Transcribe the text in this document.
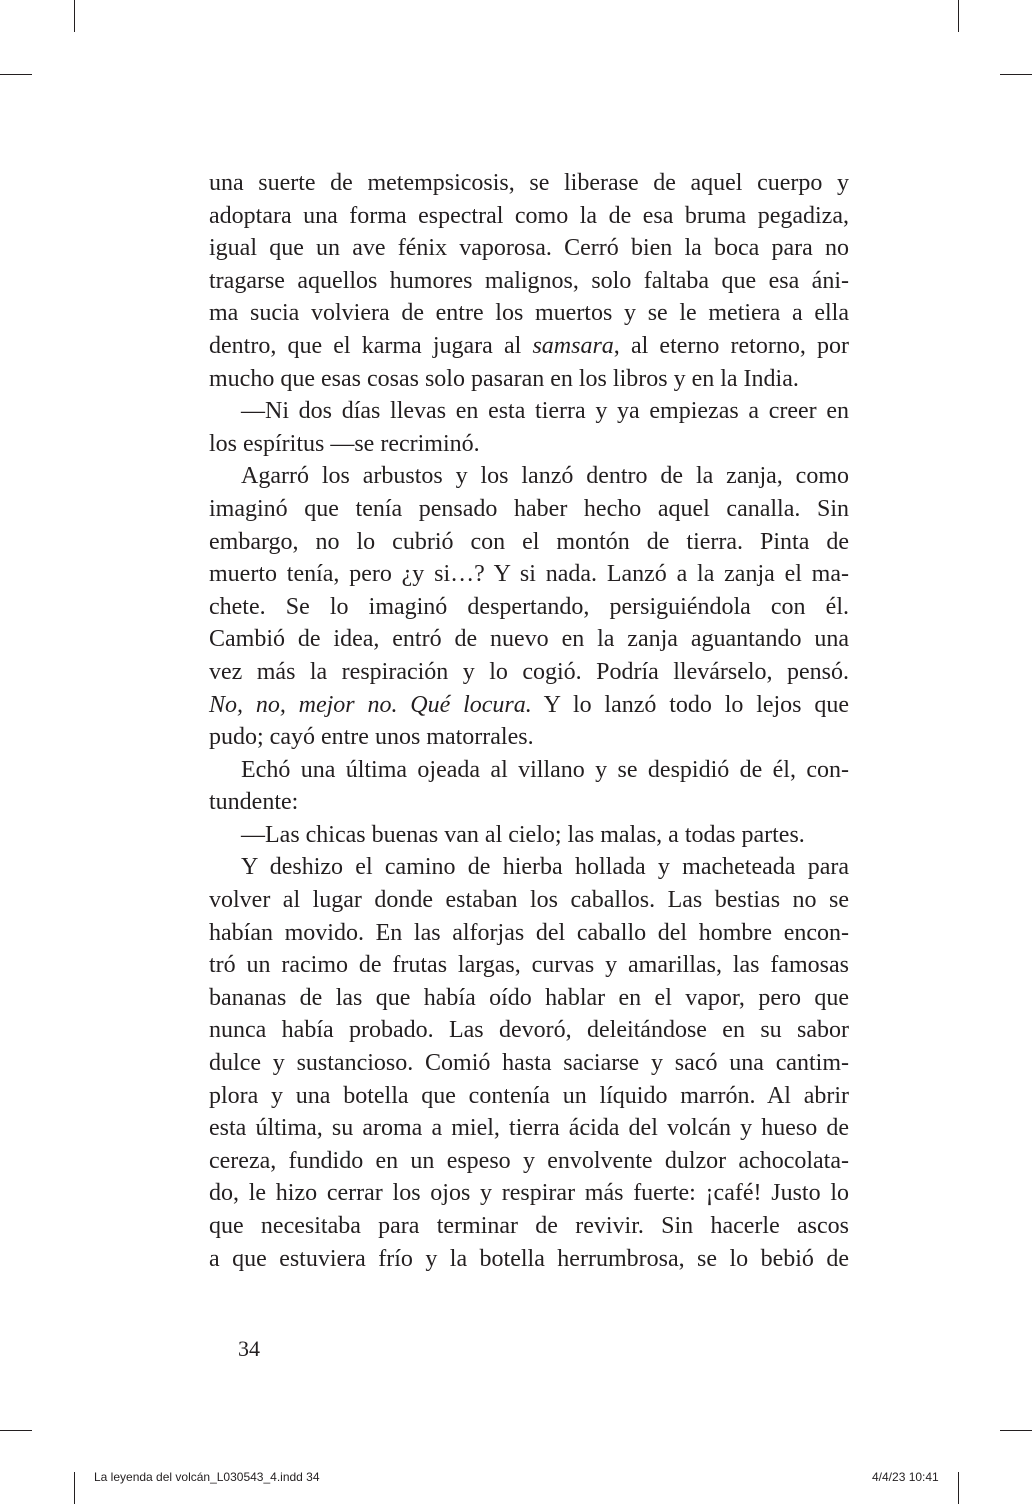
una suerte de metempsicosis, se liberase de aquel cuerpo y
adoptara una forma espectral como la de esa bruma pegadiza,
igual que un ave fénix vaporosa. Cerró bien la boca para no
tragarse aquellos humores malignos, solo faltaba que esa áni-
ma sucia volviera de entre los muertos y se le metiera a ella
dentro, que el karma jugara al samsara, al eterno retorno, por
mucho que esas cosas solo pasaran en los libros y en la India.
—Ni dos días llevas en esta tierra y ya empiezas a creer en
los espíritus —se recriminó.
Agarró los arbustos y los lanzó dentro de la zanja, como
imaginó que tenía pensado haber hecho aquel canalla. Sin
embargo, no lo cubrió con el montón de tierra. Pinta de
muerto tenía, pero ¿y si…? Y si nada. Lanzó a la zanja el ma-
chete. Se lo imaginó despertando, persiguiéndola con él.
Cambió de idea, entró de nuevo en la zanja aguantando una
vez más la respiración y lo cogió. Podría llevárselo, pensó.
No, no, mejor no. Qué locura. Y lo lanzó todo lo lejos que
pudo; cayó entre unos matorrales.
Echó una última ojeada al villano y se despidió de él, con-
tundente:
—Las chicas buenas van al cielo; las malas, a todas partes.
Y deshizo el camino de hierba hollada y macheteada para
volver al lugar donde estaban los caballos. Las bestias no se
habían movido. En las alforjas del caballo del hombre encon-
tró un racimo de frutas largas, curvas y amarillas, las famosas
bananas de las que había oído hablar en el vapor, pero que
nunca había probado. Las devoró, deleitándose en su sabor
dulce y sustancioso. Comió hasta saciarse y sacó una cantim-
plora y una botella que contenía un líquido marrón. Al abrir
esta última, su aroma a miel, tierra ácida del volcán y hueso de
cereza, fundido en un espeso y envolvente dulzor achocolata-
do, le hizo cerrar los ojos y respirar más fuerte: ¡café! Justo lo
que necesitaba para terminar de revivir. Sin hacerle ascos
a que estuviera frío y la botella herrumbrosa, se lo bebió de
34
La leyenda del volcán_L030543_4.indd 34	4/4/23 10:41
